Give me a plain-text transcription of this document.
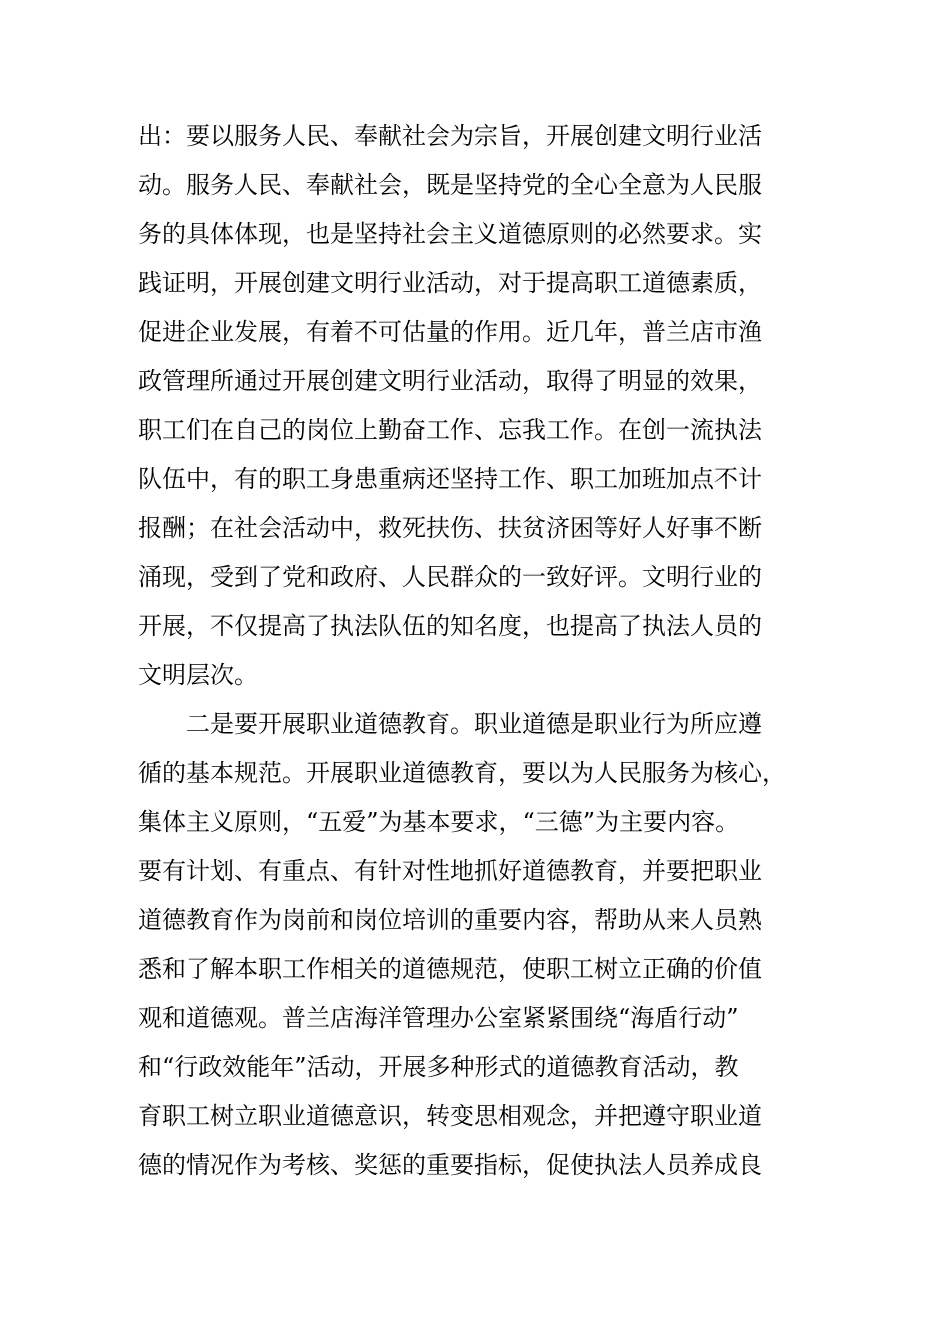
出：要以服务人民、奉献社会为宗旨，开展创建文明行业活
动。服务人民、奉献社会，既是坚持党的全心全意为人民服
务的具体体现，也是坚持社会主义道德原则的必然要求。实
践证明，开展创建文明行业活动，对于提高职工道德素质，
促进企业发展，有着不可估量的作用。近几年，普兰店市渔
政管理所通过开展创建文明行业活动，取得了明显的效果，
职工们在自己的岗位上勤奋工作、忘我工作。在创一流执法
队伍中，有的职工身患重病还坚持工作、职工加班加点不计
报酬；在社会活动中，救死扶伤、扶贫济困等好人好事不断
涌现，受到了党和政府、人民群众的一致好评。文明行业的
开展，不仅提高了执法队伍的知名度，也提高了执法人员的
文明层次。
二是要开展职业道德教育。职业道德是职业行为所应遵
循的基本规范。开展职业道德教育，要以为人民服务为核心，
集体主义原则，“五爱”为基本要求，“三德”为主要内容。
要有计划、有重点、有针对性地抓好道德教育，并要把职业
道德教育作为岗前和岗位培训的重要内容，帮助从来人员熟
悉和了解本职工作相关的道德规范，使职工树立正确的价值
观和道德观。普兰店海洋管理办公室紧紧围绕“海盾行动”
和“行政效能年”活动，开展多种形式的道德教育活动，教
育职工树立职业道德意识，转变思相观念，并把遵守职业道
德的情况作为考核、奖惩的重要指标，促使执法人员养成良
